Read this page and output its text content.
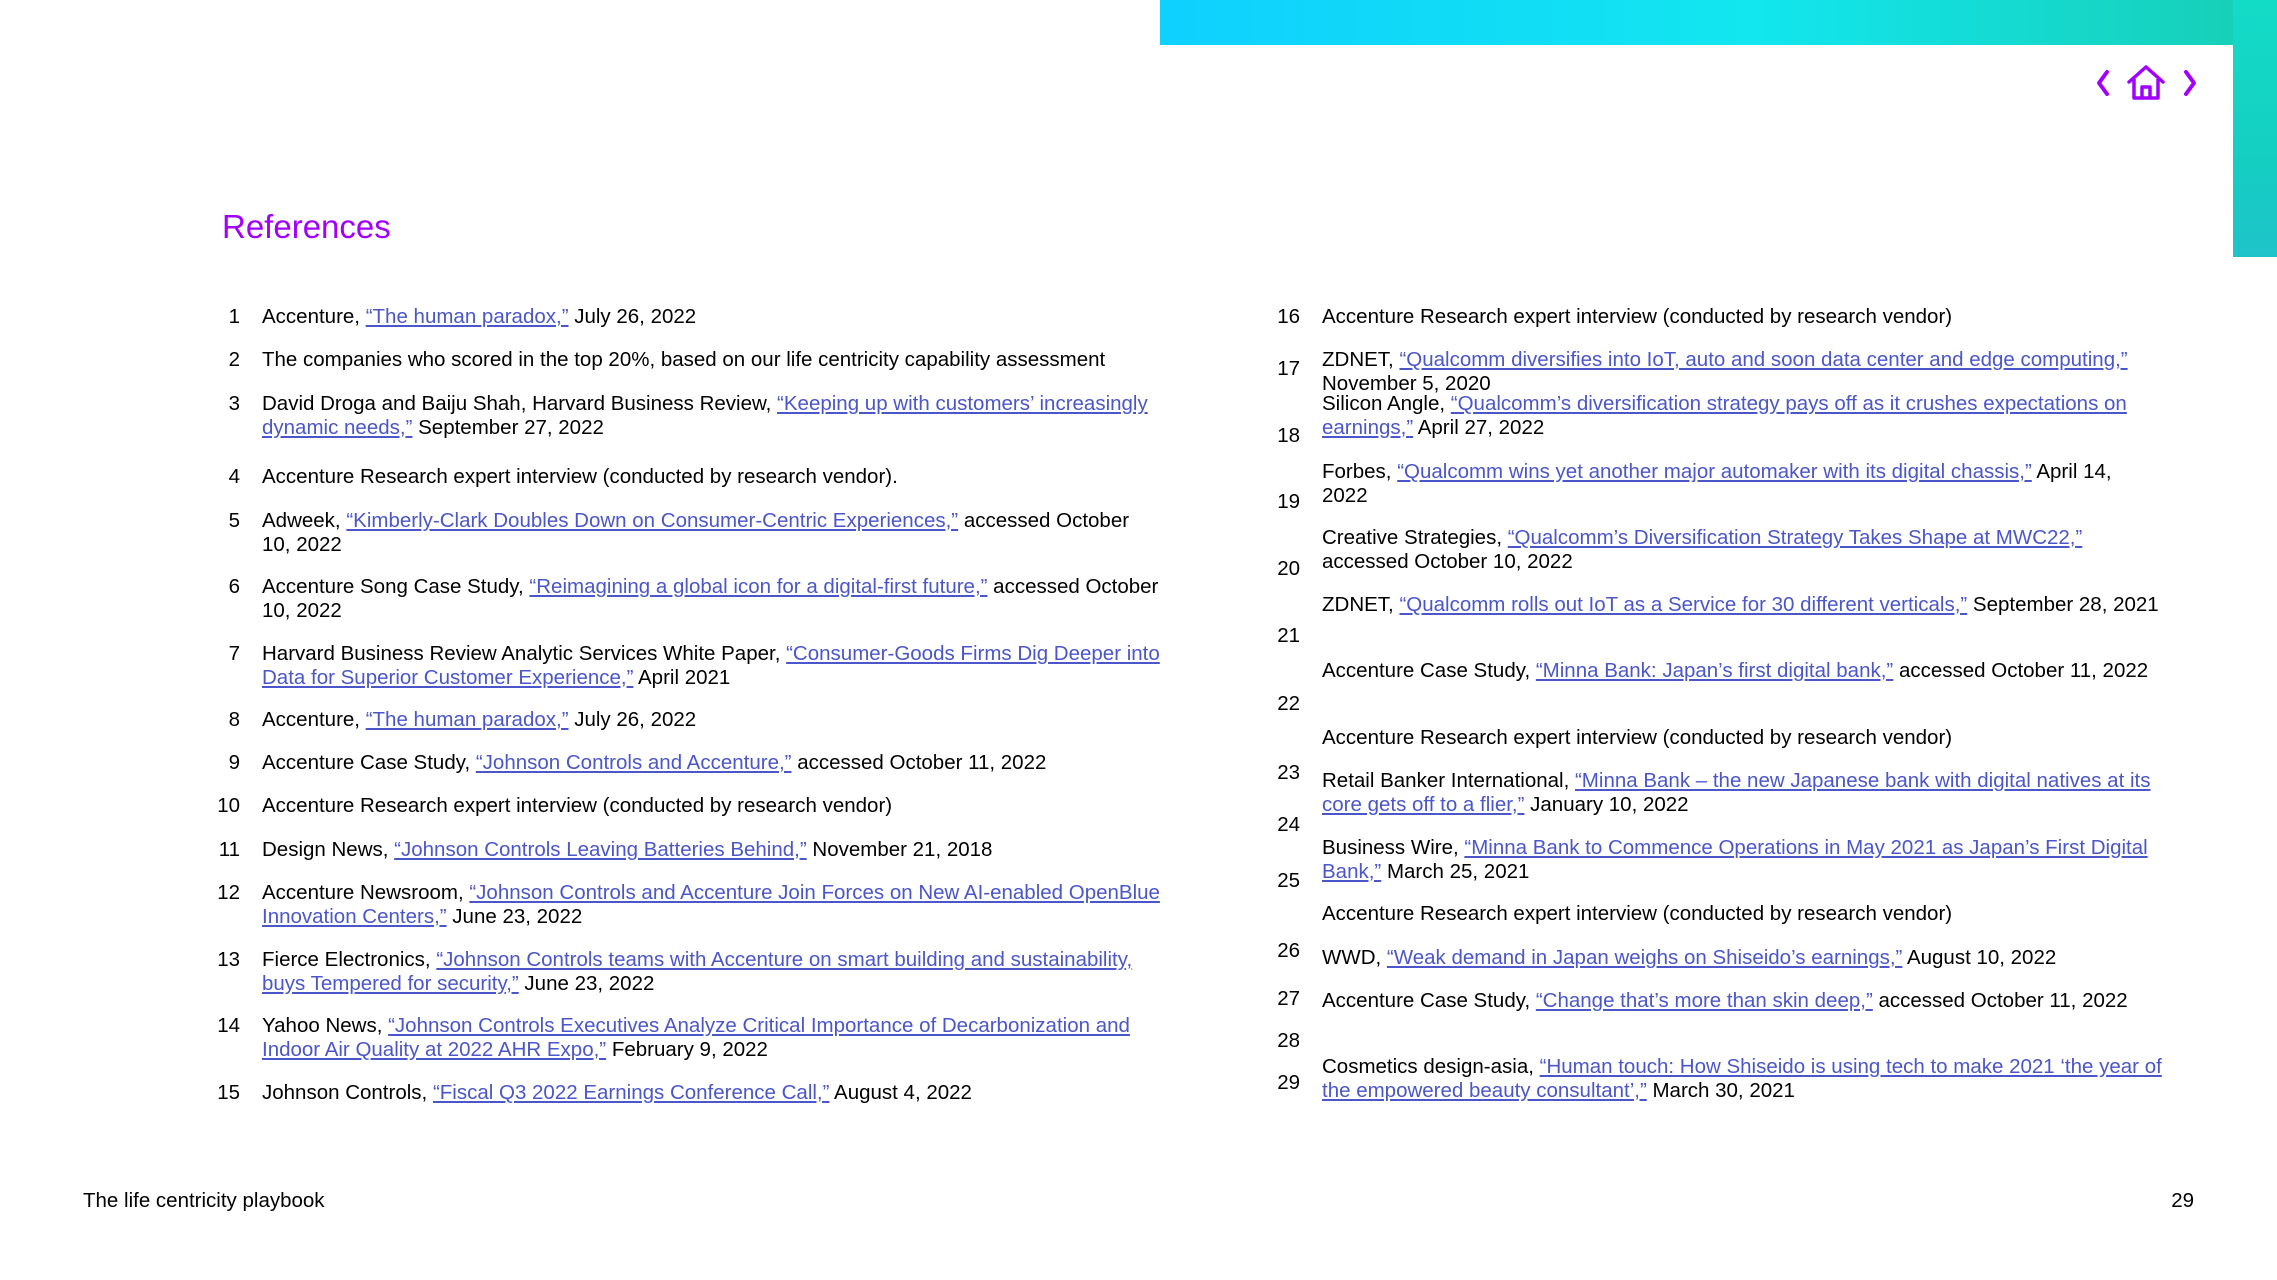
References
1 Accenture, “The human paradox,” July 26, 2022
2 The companies who scored in the top 20%, based on our life centricity capability assessment
3 David Droga and Baiju Shah, Harvard Business Review, “Keeping up with customers’ increasingly dynamic needs,” September 27, 2022
4 Accenture Research expert interview (conducted by research vendor).
5 Adweek, “Kimberly-Clark Doubles Down on Consumer-Centric Experiences,” accessed October 10, 2022
6 Accenture Song Case Study, “Reimagining a global icon for a digital-first future,” accessed October 10, 2022
7 Harvard Business Review Analytic Services White Paper, “Consumer-Goods Firms Dig Deeper into Data for Superior Customer Experience,” April 2021
8 Accenture, “The human paradox,” July 26, 2022
9 Accenture Case Study, “Johnson Controls and Accenture,” accessed October 11, 2022
10 Accenture Research expert interview (conducted by research vendor)
11 Design News, “Johnson Controls Leaving Batteries Behind,” November 21, 2018
12 Accenture Newsroom, “Johnson Controls and Accenture Join Forces on New AI-enabled OpenBlue Innovation Centers,” June 23, 2022
13 Fierce Electronics, “Johnson Controls teams with Accenture on smart building and sustainability, buys Tempered for security,” June 23, 2022
14 Yahoo News, “Johnson Controls Executives Analyze Critical Importance of Decarbonization and Indoor Air Quality at 2022 AHR Expo,” February 9, 2022
15 Johnson Controls, “Fiscal Q3 2022 Earnings Conference Call,” August 4, 2022
16 Accenture Research expert interview (conducted by research vendor)
17 ZDNET, “Qualcomm diversifies into IoT, auto and soon data center and edge computing,” November 5, 2020
18
Silicon Angle, “Qualcomm’s diversification strategy pays off as it crushes expectations on earnings,” April 27, 2022
19
Forbes, “Qualcomm wins yet another major automaker with its digital chassis,” April 14, 2022
20
Creative Strategies, “Qualcomm’s Diversification Strategy Takes Shape at MWC22,” accessed October 10, 2022
21
ZDNET, “Qualcomm rolls out IoT as a Service for 30 different verticals,” September 28, 2021
22
Accenture Case Study, “Minna Bank: Japan’s first digital bank,” accessed October 11, 2022
23
Accenture Research expert interview (conducted by research vendor)
24
Retail Banker International, “Minna Bank – the new Japanese bank with digital natives at its core gets off to a flier,” January 10, 2022
25
Business Wire, “Minna Bank to Commence Operations in May 2021 as Japan’s First Digital Bank,” March 25, 2021
26
Accenture Research expert interview (conducted by research vendor)
27
WWD, “Weak demand in Japan weighs on Shiseido’s earnings,” August 10, 2022
28
Accenture Case Study, “Change that’s more than skin deep,” accessed October 11, 2022
29
Cosmetics design-asia, “Human touch: How Shiseido is using tech to make 2021 ‘the year of the empowered beauty consultant’,” March 30, 2021
The life centricity playbook	29
